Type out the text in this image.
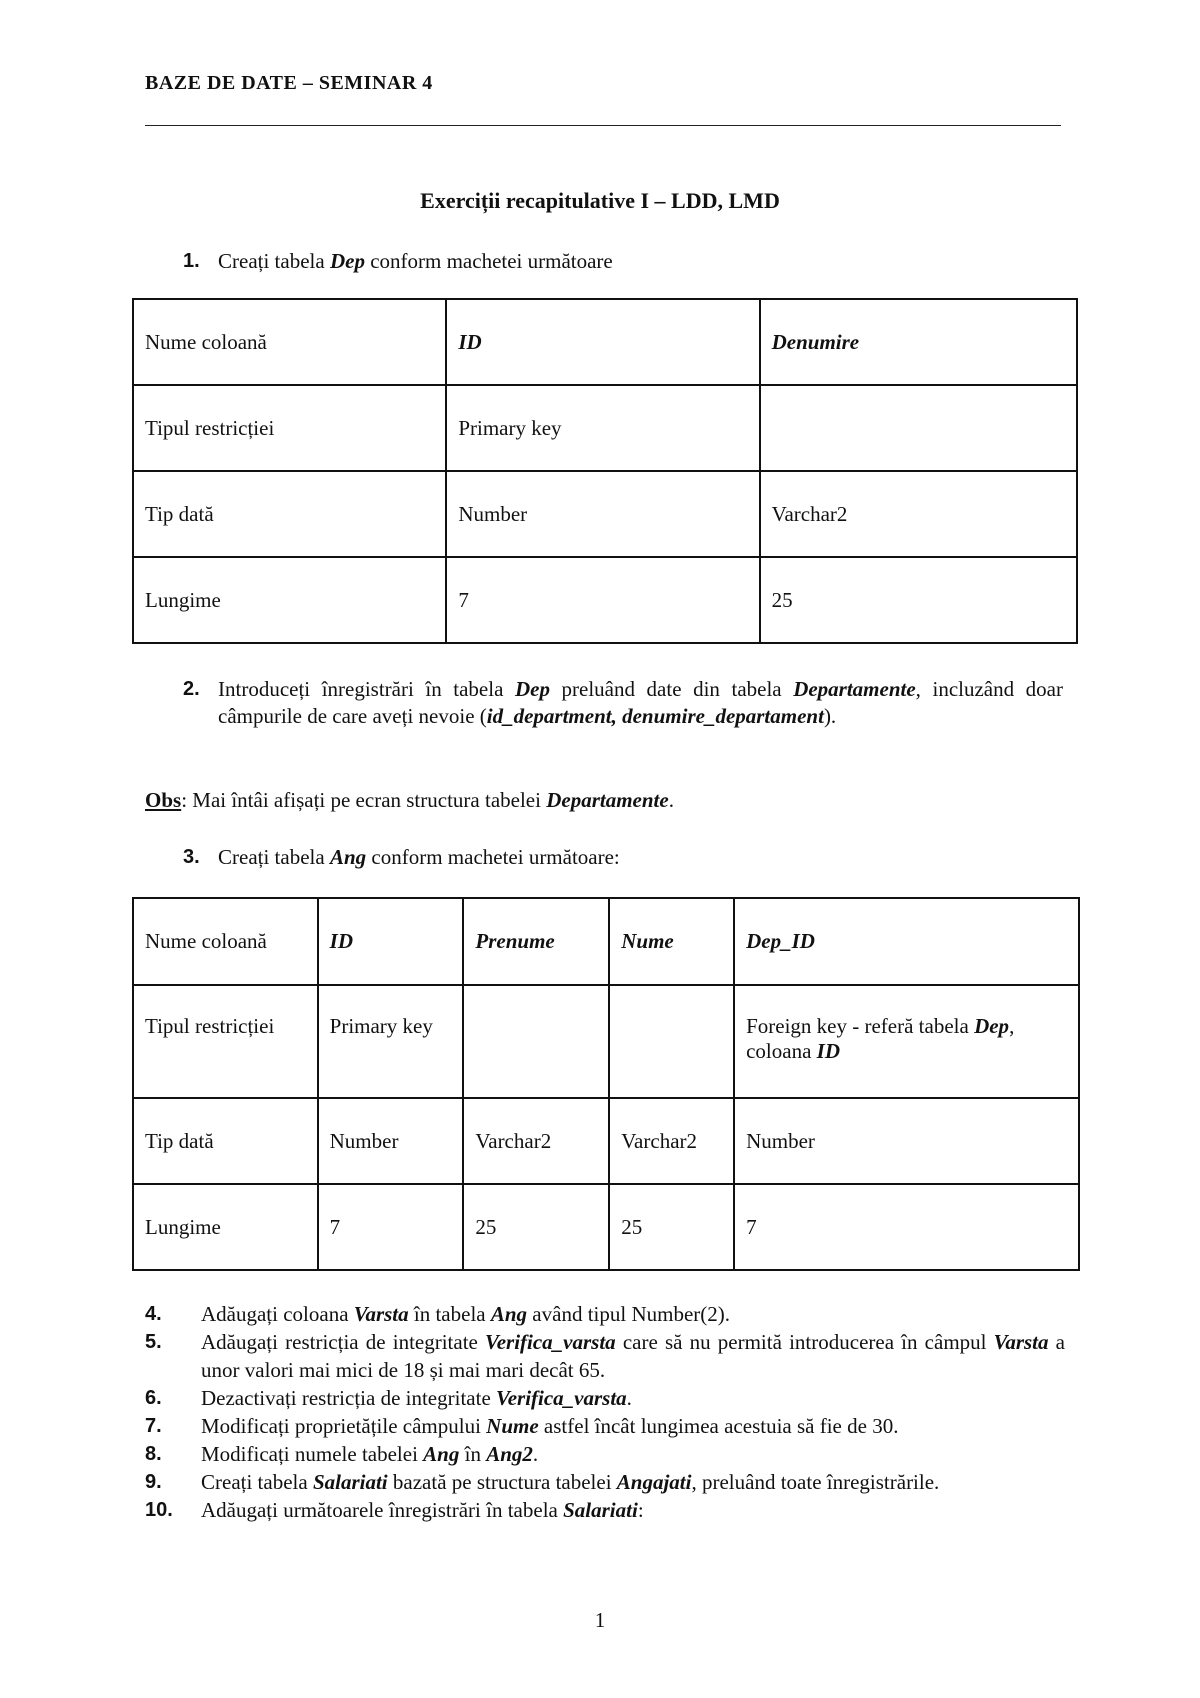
BAZE DE DATE – SEMINAR 4
Exerciții recapitulative I – LDD, LMD
1. Creați tabela Dep conform machetei următoare
Nume coloană	ID	Denumire
Tipul restricției	Primary key	
Tip dată	Number	Varchar2
Lungime	7	25
2. Introduceți înregistrări în tabela Dep preluând date din tabela Departamente, incluzând doar câmpurile de care aveți nevoie (id_department, denumire_departament).
Obs: Mai întâi afișați pe ecran structura tabelei Departamente.
3. Creați tabela Ang conform machetei următoare:
Nume coloană	ID	Prenume	Nume	Dep_ID
Tipul restricției	Primary key			Foreign key - referă tabela Dep, coloana ID
Tip dată	Number	Varchar2	Varchar2	Number
Lungime	7	25	25	7
4. Adăugați coloana Varsta în tabela Ang având tipul Number(2).
5. Adăugați restricția de integritate Verifica_varsta care să nu permită introducerea în câmpul Varsta a unor valori mai mici de 18 și mai mari decât 65.
6. Dezactivați restricția de integritate Verifica_varsta.
7. Modificați proprietățile câmpului Nume astfel încât lungimea acestuia să fie de 30.
8. Modificați numele tabelei Ang în Ang2.
9. Creați tabela Salariati bazată pe structura tabelei Angajati, preluând toate înregistrările.
10. Adăugați următoarele înregistrări în tabela Salariati:
1
